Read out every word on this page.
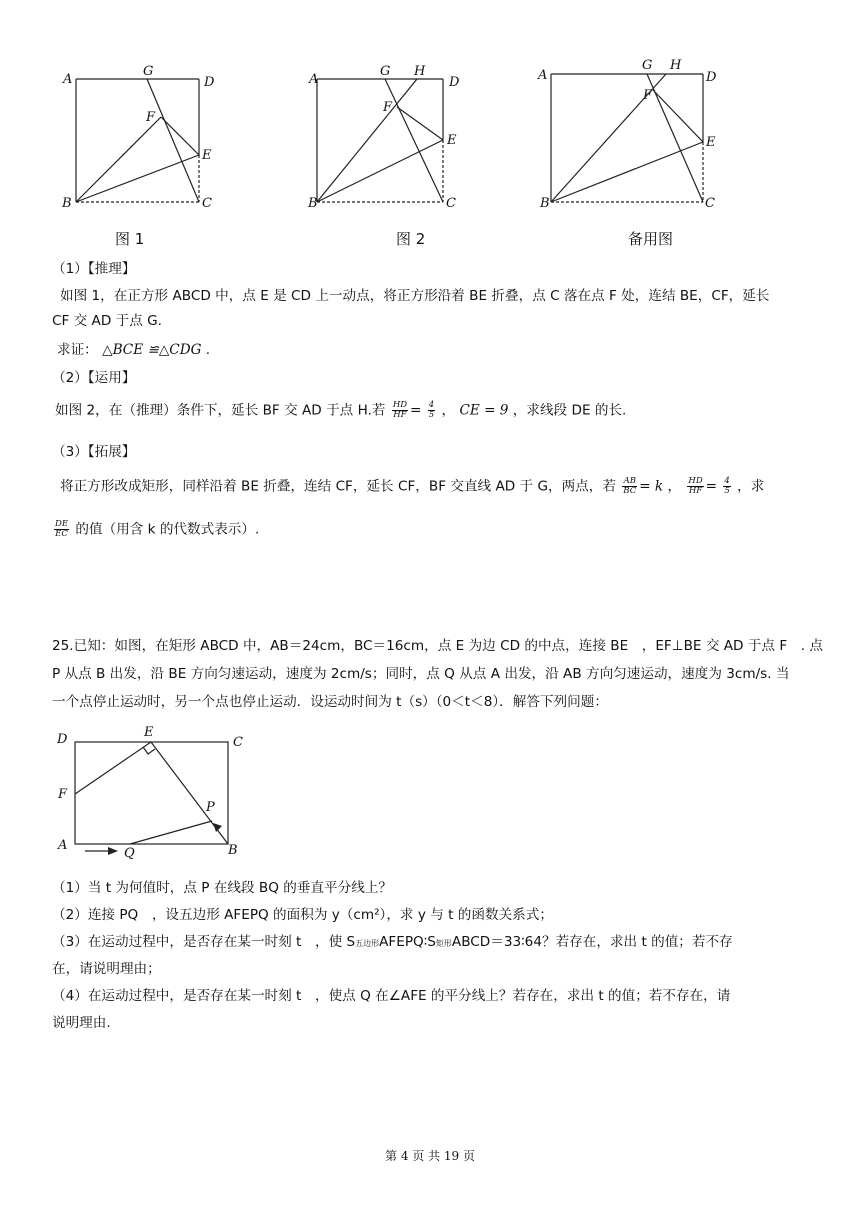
A
G
D
F
E
B	C
图 1
A
G H
D
F
E
B	C
图 2
A
G H
D
F
E
B	C
备用图
（1）【推理】
如图 1，在正方形 ABCD 中，点 E 是 CD 上一动点，将正方形沿着 BE 折叠，点 C 落在点 F 处，连结 BE，CF，延长
CF 交 AD 于点 G.
求证： △BCE ≌△CDG .
（2）【运用】
如图 2，在（推理）条件下，延长 BF 交 AD 于点 H.若 $\frac{HD}{HF} = \frac{4}{5}$ ， CE = 9 ，求线段 DE 的长.
（3）【拓展】
将正方形改成矩形，同样沿着 BE 折叠，连结 CF，延长 CF，BF 交直线 AD 于 G，两点，若 $\frac{AB}{BC} = k$ ， $\frac{HD}{HF} = \frac{4}{5}$ ，求
$\frac{DE}{EC}$ 的值（用含 k 的代数式表示）.
25.已知：如图，在矩形 ABCD 中，AB＝24cm，BC＝16cm，点 E 为边 CD 的中点，连接 BE　，EF⊥BE 交 AD 于点 F　. 点
P 从点 B 出发，沿 BE 方向匀速运动，速度为 2cm/s；同时，点 Q 从点 A 出发，沿 AB 方向匀速运动，速度为 3cm/s. 当
一个点停止运动时，另一个点也停止运动．设运动时间为 t（s）（0＜t＜8）．解答下列问题：
D	E
C
F
P
A
Q	B
（1）当 t 为何值时，点 P 在线段 BQ 的垂直平分线上？
（2）连接 PQ　，设五边形 AFEPQ 的面积为 y（cm²），求 y 与 t 的函数关系式；
（3）在运动过程中，是否存在某一时刻 t　，使 S五边形AFEPQ∶S矩形ABCD＝33∶64？若存在，求出 t 的值；若不存
在，请说明理由；
（4）在运动过程中，是否存在某一时刻 t　，使点 Q 在∠AFE 的平分线上？若存在，求出 t 的值；若不存在，请
说明理由.
第 4 页 共 19 页
